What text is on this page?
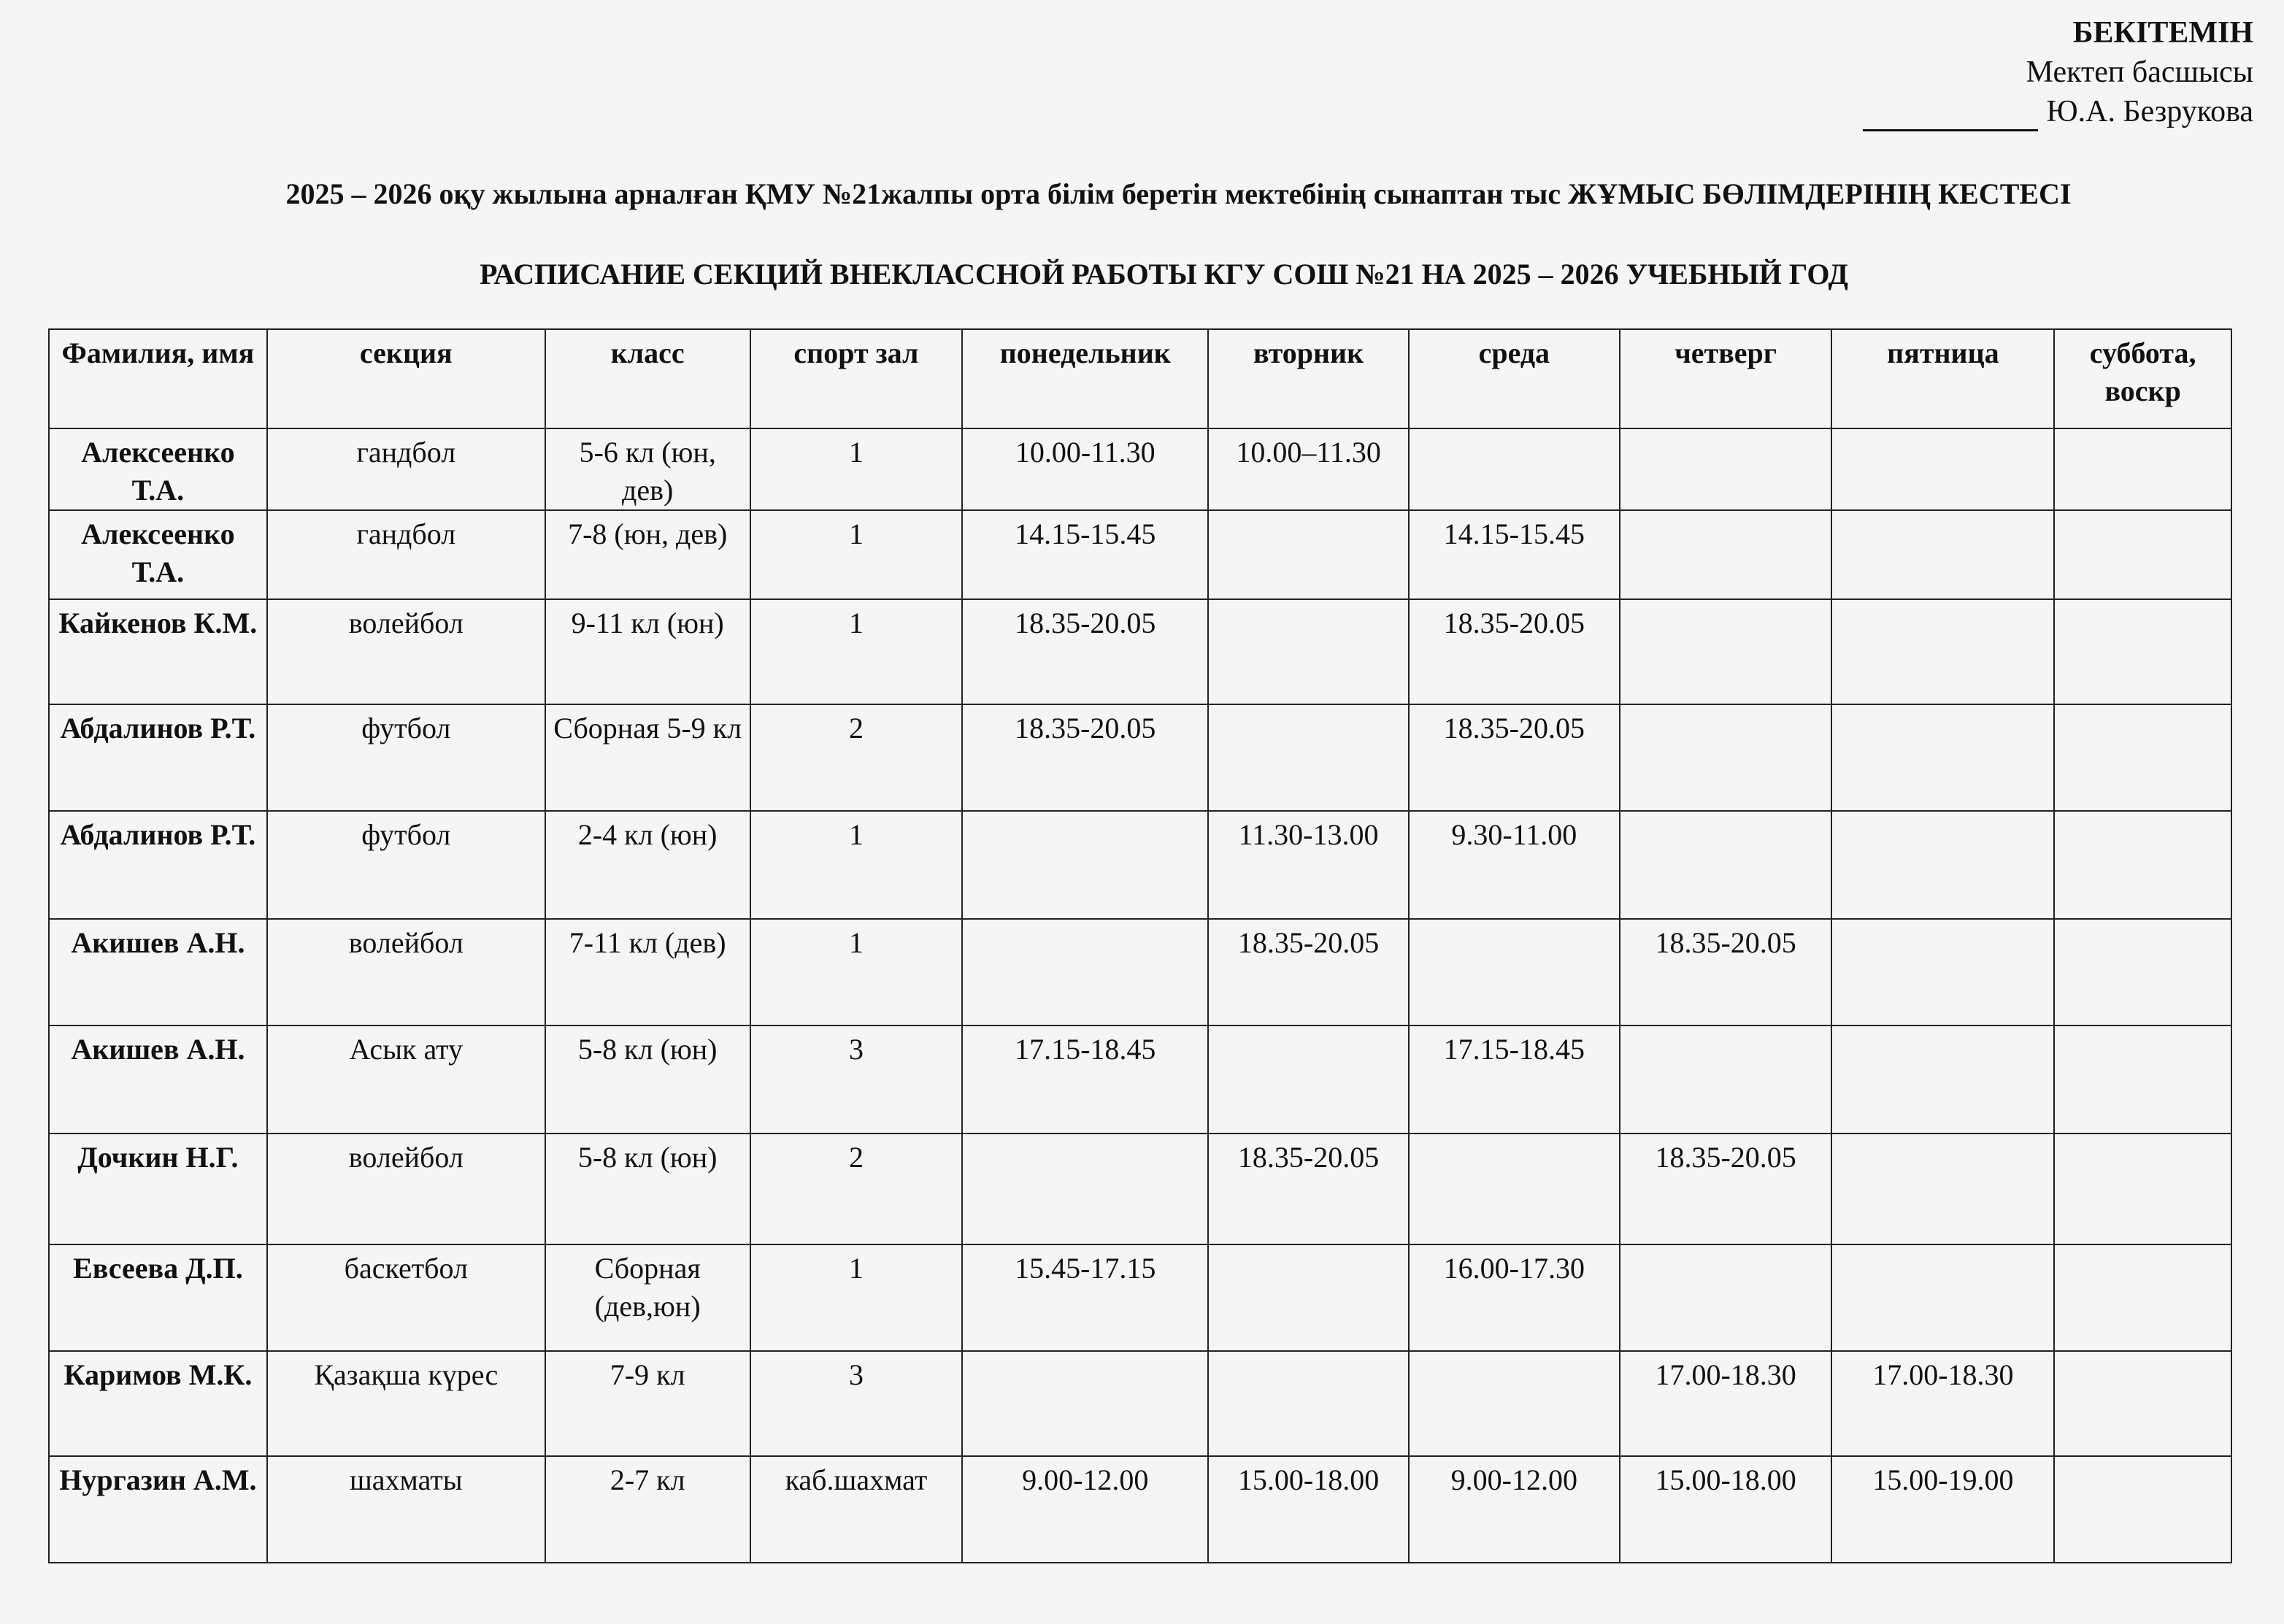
БЕКІТЕМІН
Мектеп басшысы
Ю.А. Безрукова
2025 – 2026 оқу жылына арналған ҚМУ №21жалпы орта білім беретін мектебінің сынаптан тыс ЖҰМЫС БӨЛІМДЕРІНІҢ КЕСТЕСІ
РАСПИСАНИЕ СЕКЦИЙ ВНЕКЛАССНОЙ РАБОТЫ КГУ СОШ №21 НА 2025 – 2026 УЧЕБНЫЙ ГОД
Фамилия, имя	секция	класс	спорт зал	понедельник	вторник	среда	четверг	пятница	суббота, воскр
Алексеенко Т.А.	гандбол	5-6 кл (юн, дев)	1	10.00-11.30	10.00–11.30				
Алексеенко Т.А.	гандбол	7-8 (юн, дев)	1	14.15-15.45		14.15-15.45			
Кайкенов К.М.	волейбол	9-11 кл (юн)	1	18.35-20.05		18.35-20.05			
Абдалинов Р.Т.	футбол	Сборная 5-9 кл	2	18.35-20.05		18.35-20.05			
Абдалинов Р.Т.	футбол	2-4 кл (юн)	1		11.30-13.00	9.30-11.00			
Акишев А.Н.	волейбол	7-11 кл (дев)	1		18.35-20.05		18.35-20.05		
Акишев А.Н.	Асык ату	5-8 кл (юн)	3	17.15-18.45		17.15-18.45			
Дочкин Н.Г.	волейбол	5-8 кл (юн)	2		18.35-20.05		18.35-20.05		
Евсеева Д.П.	баскетбол	Сборная (дев,юн)	1	15.45-17.15		16.00-17.30			
Каримов М.К.	Қазақша күрес	7-9 кл	3				17.00-18.30	17.00-18.30	
Нургазин А.М.	шахматы	2-7 кл	каб.шахмат	9.00-12.00	15.00-18.00	9.00-12.00	15.00-18.00	15.00-19.00	
